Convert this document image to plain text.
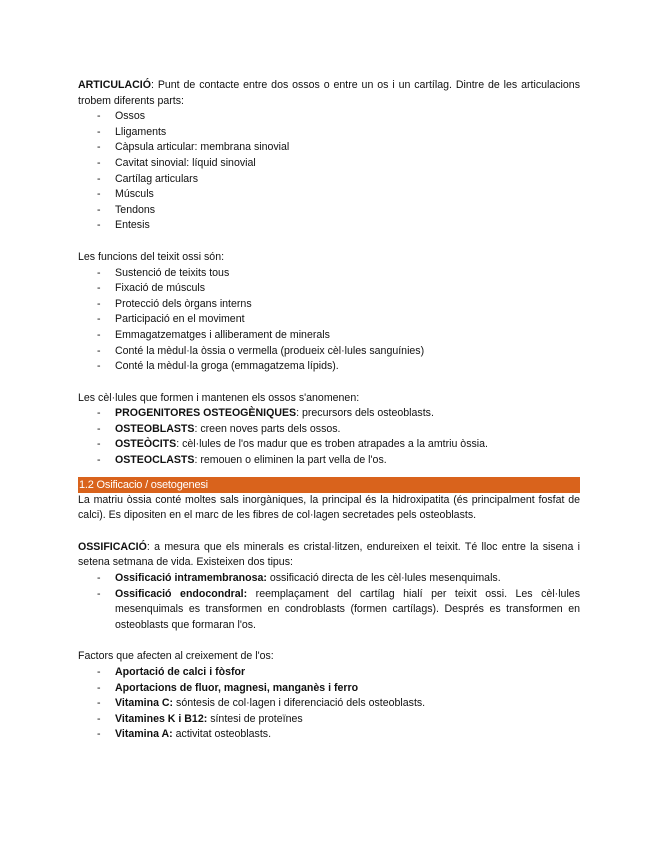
ARTICULACIÓ: Punt de contacte entre dos ossos o entre un os i un cartílag. Dintre de les articulacions trobem diferents parts:

- Ossos
- Lligaments
- Càpsula articular: membrana sinovial
- Cavitat sinovial: líquid sinovial
- Cartílag articulars
- Músculs
- Tendons
- Entesis

Les funcions del teixit ossi són:

- Sustenció de teixits tous
- Fixació de músculs
- Protecció dels òrgans interns
- Participació en el moviment
- Emmagatzematges i alliberament de minerals
- Conté la mèdul·la òssia o vermella (produeix cèl·lules sanguínies)
- Conté la mèdul·la groga (emmagatzema lípids).

Les cèl·lules que formen i mantenen els ossos s'anomenen:

- PROGENITORES OSTEOGÈNIQUES: precursors dels osteoblasts.
- OSTEOBLASTS: creen noves parts dels ossos.
- OSTEÒCITS: cèl·lules de l'os madur que es troben atrapades a la amtriu òssia.
- OSTEOCLASTS: remouen o eliminen la part vella de l'os.
1.2 Osificacio / osetogenesi

La matriu òssia conté moltes sals inorgàniques, la principal és la hidroxipatita (és principalment fosfat de calci). Es dipositen en el marc de les fibres de col·lagen secretades pels osteoblasts.

OSSIFICACIÓ: a mesura que els minerals es cristal·litzen, endureixen el teixit. Té lloc entre la sisena i setena setmana de vida. Existeixen dos tipus:

- Ossificació intramembranosa: ossificació directa de les cèl·lules mesenquimals.
- Ossificació endocondral: reemplaçament del cartílag hialí per teixit ossi. Les cèl·lules mesenquimals es transformen en condroblasts (formen cartílags). Després es transformen en osteoblasts que formaran l'os.

Factors que afecten al creixement de l'os:

- Aportació de calci i fòsfor
- Aportacions de fluor, magnesi, manganès i ferro
- Vitamina C: sóntesis de col·lagen i diferenciació dels osteoblasts.
- Vitamines K i B12: síntesi de proteïnes
- Vitamina A: activitat osteoblasts.
